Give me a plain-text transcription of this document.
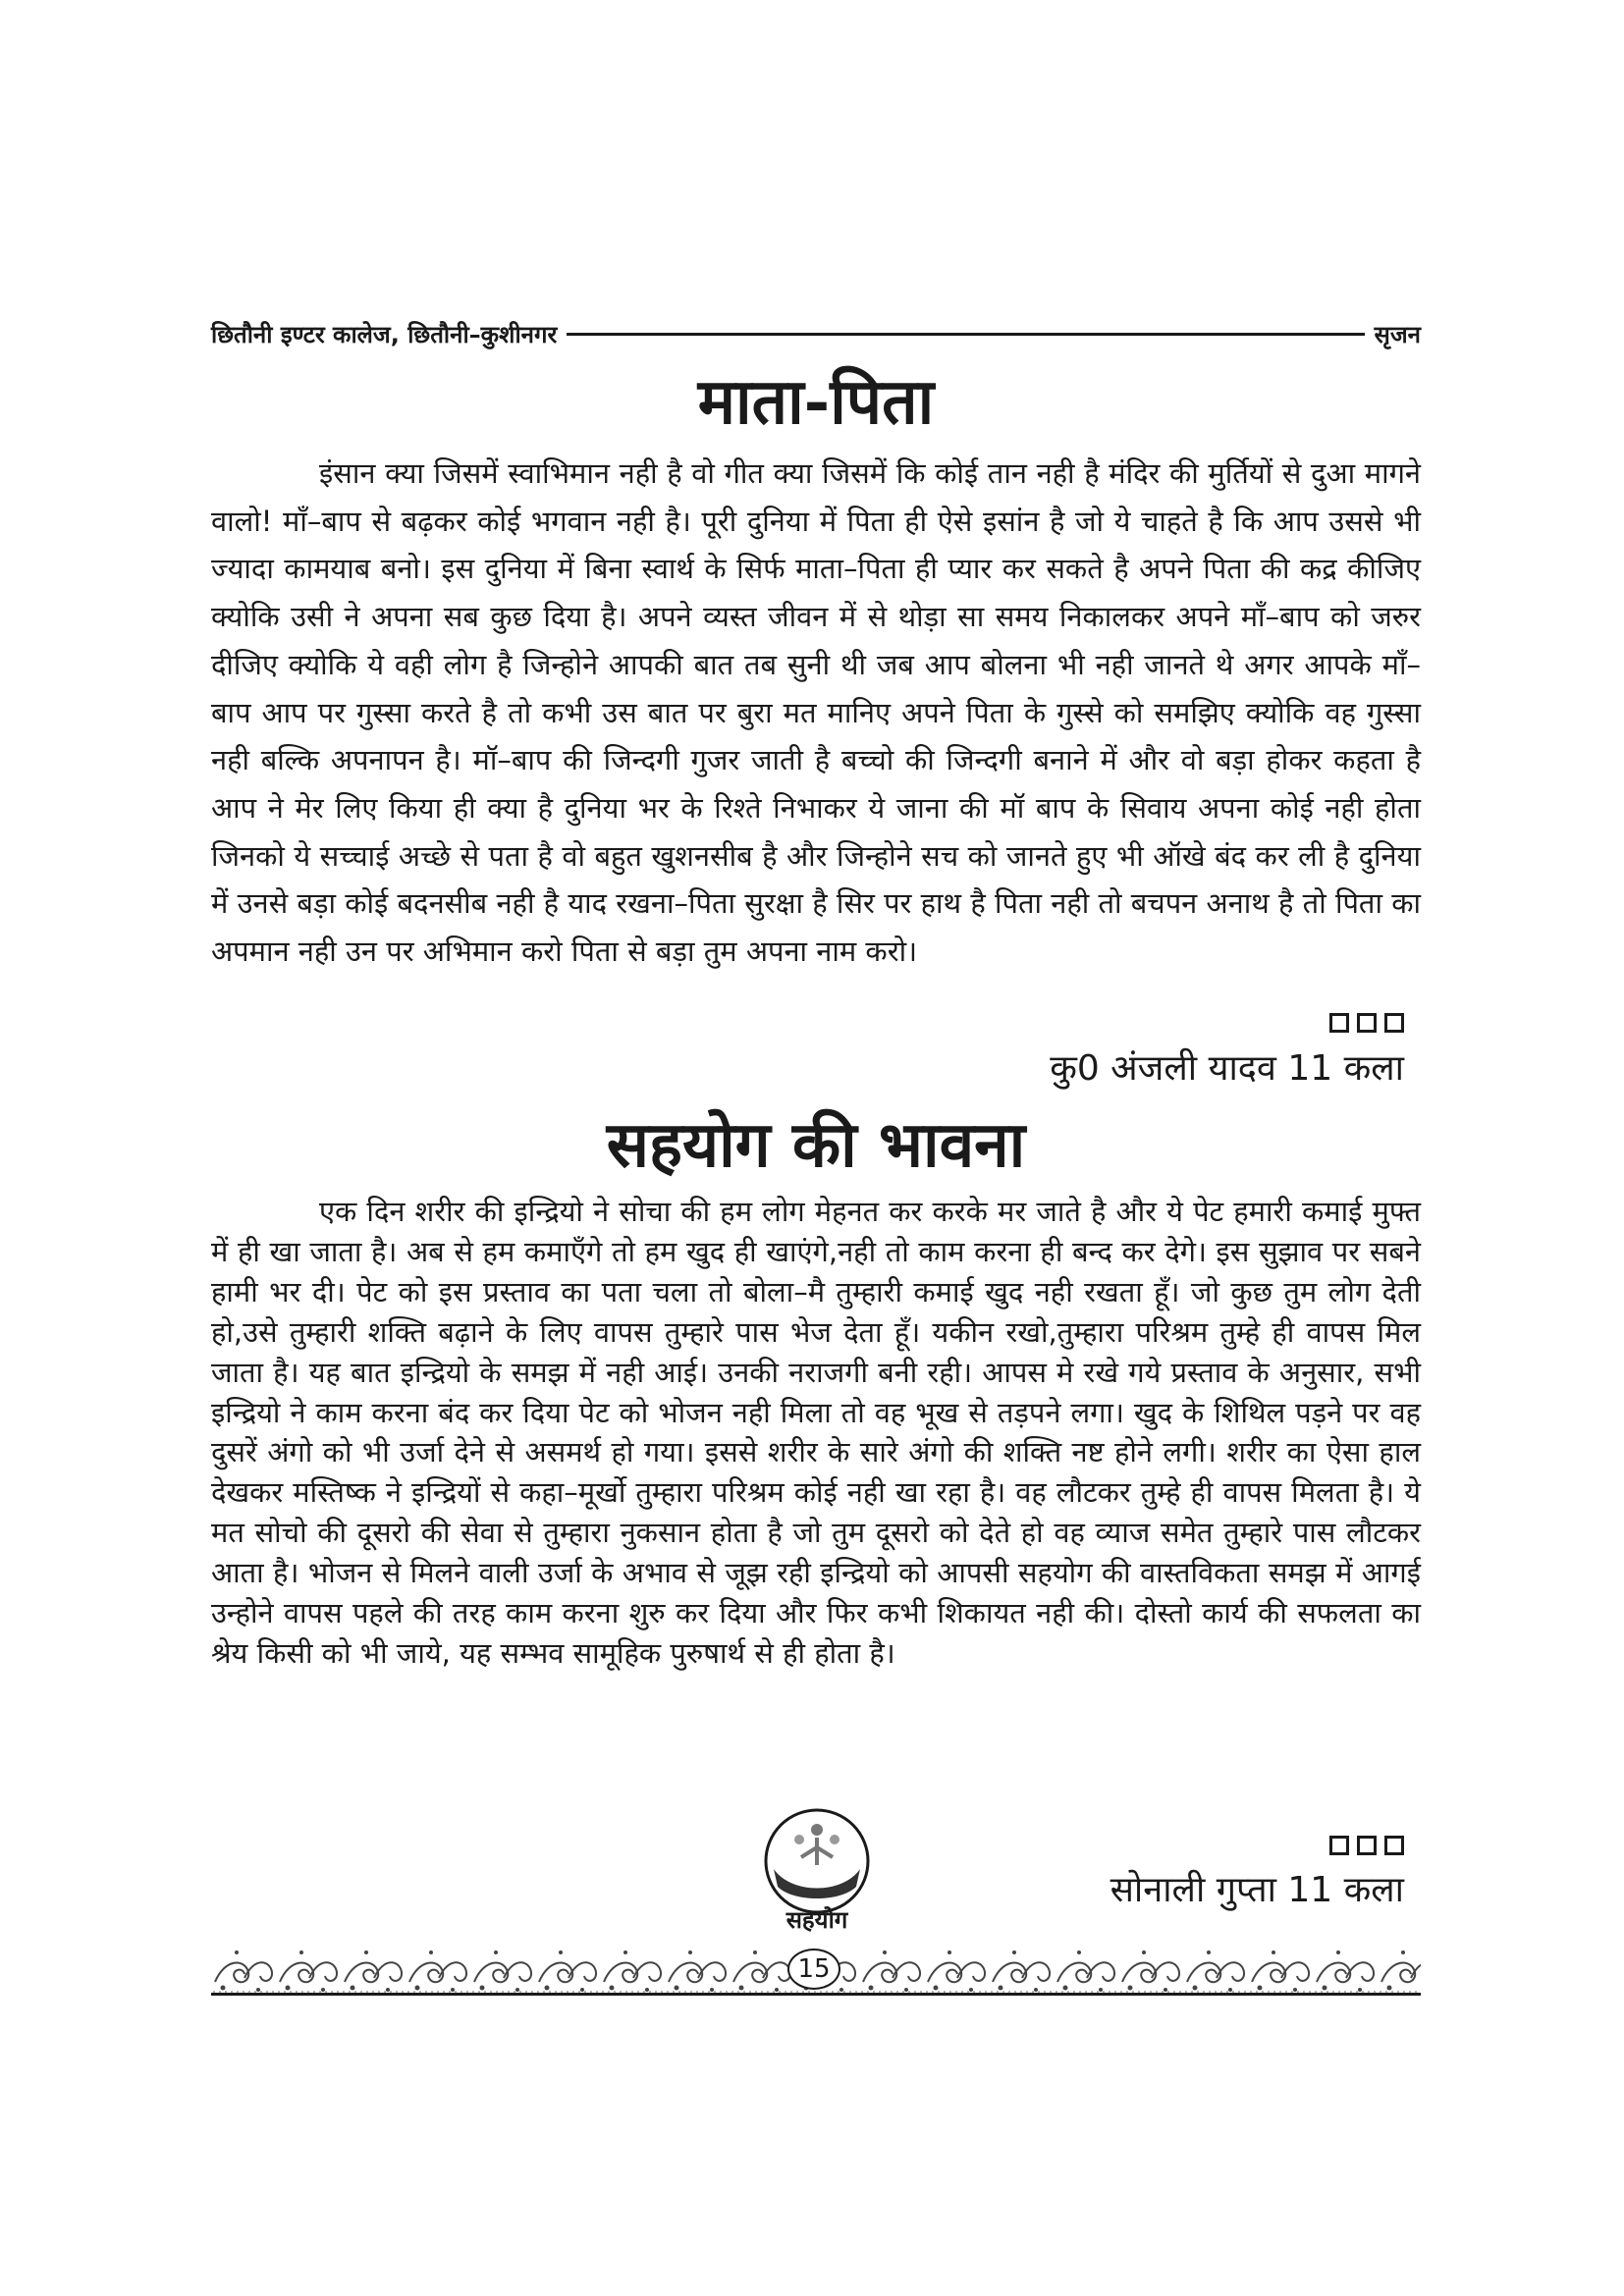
छितौनी इण्टर कालेज, छितौनी–कुशीनगर	सृजन
माता-पिता

इंसान क्या जिसमें स्वाभिमान नही है वो गीत क्या जिसमें कि कोई तान नही है मंदिर की मुर्तियों से दुआ मागने वालो! माँ–बाप से बढ़कर कोई भगवान नही है। पूरी दुनिया में पिता ही ऐसे इसांन है जो ये चाहते है कि आप उससे भी ज्यादा कामयाब बनो। इस दुनिया में बिना स्वार्थ के सिर्फ माता–पिता ही प्यार कर सकते है अपने पिता की कद्र कीजिए क्योकि उसी ने अपना सब कुछ दिया है। अपने व्यस्त जीवन में से थोड़ा सा समय निकालकर अपने माँ–बाप को जरुर दीजिए क्योकि ये वही लोग है जिन्होने आपकी बात तब सुनी थी जब आप बोलना भी नही जानते थे अगर आपके माँ–बाप आप पर गुस्सा करते है तो कभी उस बात पर बुरा मत मानिए अपने पिता के गुस्से को समझिए क्योकि वह गुस्सा नही बल्कि अपनापन है। मॉ–बाप की जिन्दगी गुजर जाती है बच्चो की जिन्दगी बनाने में और वो बड़ा होकर कहता है आप ने मेर लिए किया ही क्या है दुनिया भर के रिश्ते निभाकर ये जाना की मॉ बाप के सिवाय अपना कोई नही होता जिनको ये सच्चाई अच्छे से पता है वो बहुत खुशनसीब है और जिन्होने सच को जानते हुए भी ऑखे बंद कर ली है दुनिया में उनसे बड़ा कोई बदनसीब नही है याद रखना–पिता सुरक्षा है सिर पर हाथ है पिता नही तो बचपन अनाथ है तो पिता का अपमान नही उन पर अभिमान करो पिता से बड़ा तुम अपना नाम करो।

कु0 अंजली यादव 11 कला
सहयोग की भावना

एक दिन शरीर की इन्द्रियो ने सोचा की हम लोग मेहनत कर करके मर जाते है और ये पेट हमारी कमाई मुफ्त में ही खा जाता है। अब से हम कमाएँगे तो हम खुद ही खाएंगे,नही तो काम करना ही बन्द कर देगे। इस सुझाव पर सबने हामी भर दी। पेट को इस प्रस्ताव का पता चला तो बोला–मै तुम्हारी कमाई खुद नही रखता हूँ। जो कुछ तुम लोग देती हो,उसे तुम्हारी शक्ति बढ़ाने के लिए वापस तुम्हारे पास भेज देता हूँ। यकीन रखो,तुम्हारा परिश्रम तुम्हे ही वापस मिल जाता है। यह बात इन्द्रियो के समझ में नही आई। उनकी नराजगी बनी रही। आपस मे रखे गये प्रस्ताव के अनुसार, सभी इन्द्रियो ने काम करना बंद कर दिया पेट को भोजन नही मिला तो वह भूख से तड़पने लगा। खुद के शिथिल पड़ने पर वह दुसरें अंगो को भी उर्जा देने से असमर्थ हो गया। इससे शरीर के सारे अंगो की शक्ति नष्ट होने लगी। शरीर का ऐसा हाल देखकर मस्तिष्क ने इन्द्रियों से कहा–मूर्खो तुम्हारा परिश्रम कोई नही खा रहा है। वह लौटकर तुम्हे ही वापस मिलता है। ये मत सोचो की दूसरो की सेवा से तुम्हारा नुकसान होता है जो तुम दूसरो को देते हो वह व्याज समेत तुम्हारे पास लौटकर आता है। भोजन से मिलने वाली उर्जा के अभाव से जूझ रही इन्द्रियो को आपसी सहयोग की वास्तविकता समझ में आगई उन्होने वापस पहले की तरह काम करना शुरु कर दिया और फिर कभी शिकायत नही की। दोस्तो कार्य की सफलता का श्रेय किसी को भी जाये, यह सम्भव सामूहिक पुरुषार्थ से ही होता है।

सोनाली गुप्ता 11 कला
सहयोग
15
